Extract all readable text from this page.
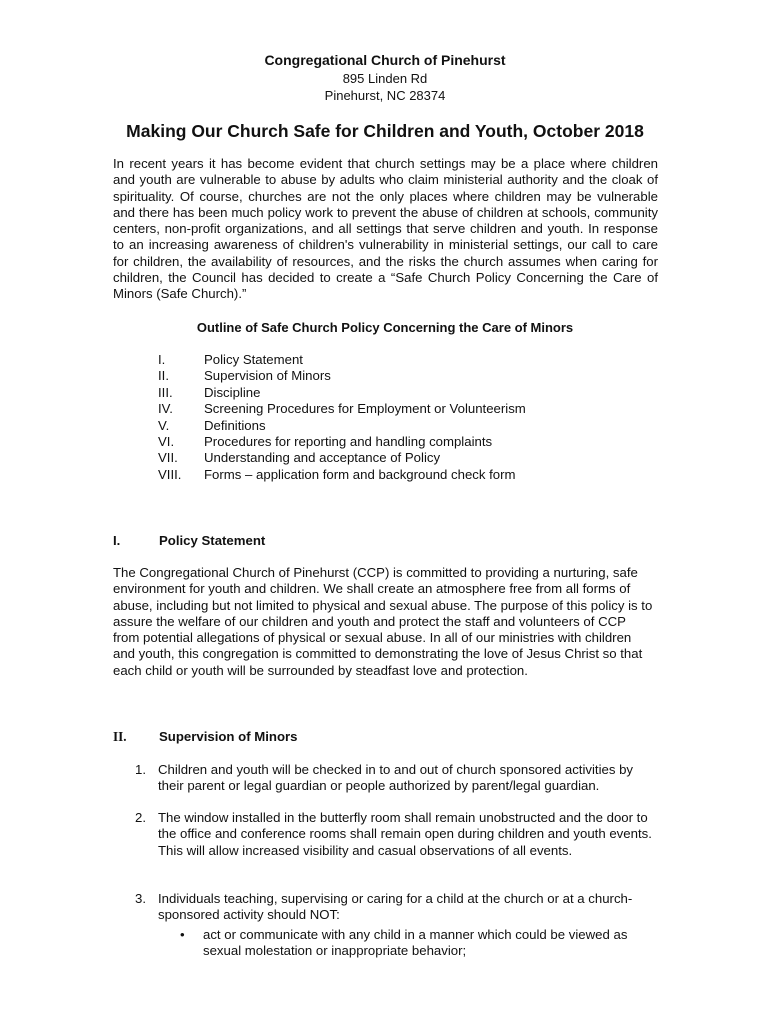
Congregational Church of Pinehurst
895 Linden Rd
Pinehurst, NC 28374
Making Our Church Safe for Children and Youth, October 2018

In recent years it has become evident that church settings may be a place where children and youth are vulnerable to abuse by adults who claim ministerial authority and the cloak of spirituality. Of course, churches are not the only places where children may be vulnerable and there has been much policy work to prevent the abuse of children at schools, community centers, non-profit organizations, and all settings that serve children and youth. In response to an increasing awareness of children's vulnerability in ministerial settings, our call to care for children, the availability of resources, and the risks the church assumes when caring for children, the Council has decided to create a “Safe Church Policy Concerning the Care of Minors (Safe Church).”

Outline of Safe Church Policy Concerning the Care of Minors
I.	Policy Statement
II.	Supervision of Minors
III.	Discipline
IV.	Screening Procedures for Employment or Volunteerism
V.	Definitions
VI.	Procedures for reporting and handling complaints
VII.	Understanding and acceptance of Policy
VIII.	Forms – application form and background check form
I.	Policy Statement

The Congregational Church of Pinehurst (CCP) is committed to providing a nurturing, safe environment for youth and children. We shall create an atmosphere free from all forms of abuse, including but not limited to physical and sexual abuse. The purpose of this policy is to assure the welfare of our children and youth and protect the staff and volunteers of CCP from potential allegations of physical or sexual abuse. In all of our ministries with children and youth, this congregation is committed to demonstrating the love of Jesus Christ so that each child or youth will be surrounded by steadfast love and protection.

II.	Supervision of Minors
1. Children and youth will be checked in to and out of church sponsored activities by their parent or legal guardian or people authorized by parent/legal guardian.
2. The window installed in the butterfly room shall remain unobstructed and the door to the office and conference rooms shall remain open during children and youth events. This will allow increased visibility and casual observations of all events.
3. Individuals teaching, supervising or caring for a child at the church or at a church-sponsored activity should NOT:
•	act or communicate with any child in a manner which could be viewed as sexual molestation or inappropriate behavior;
